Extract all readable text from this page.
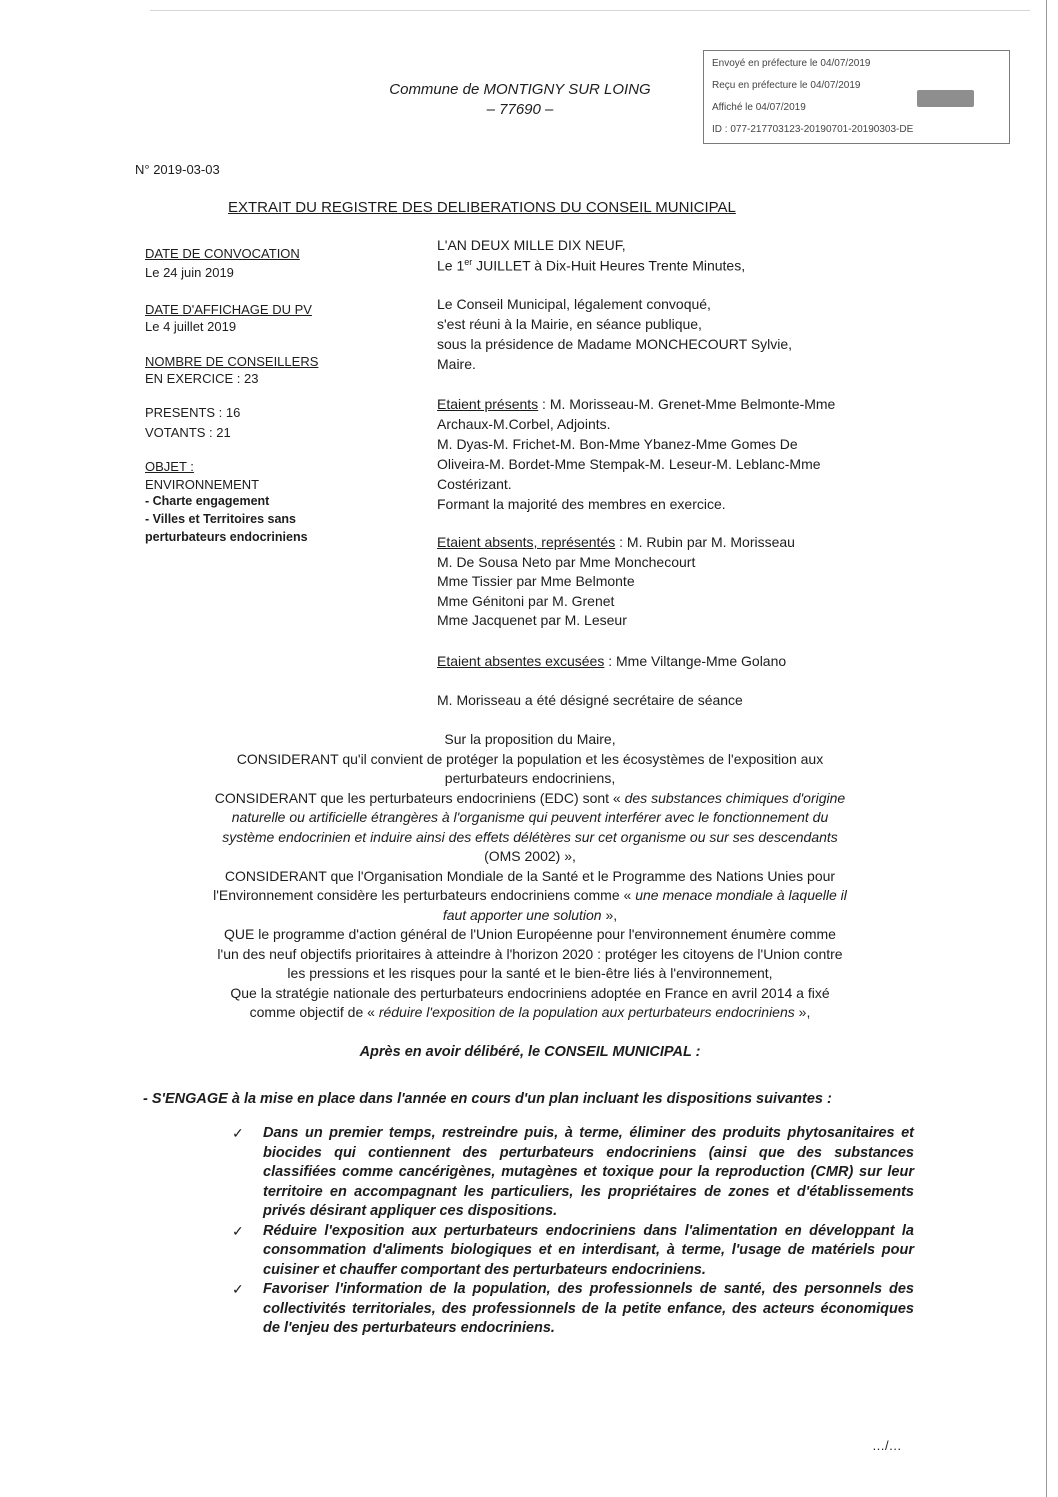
Commune de MONTIGNY SUR LOING
– 77690 –
Envoyé en préfecture le 04/07/2019
Reçu en préfecture le 04/07/2019
Affiché le 04/07/2019
ID : 077-217703123-20190701-20190303-DE
N° 2019-03-03
EXTRAIT DU REGISTRE DES DELIBERATIONS DU CONSEIL MUNICIPAL
DATE DE CONVOCATION
Le 24 juin 2019
DATE D'AFFICHAGE DU PV
Le 4 juillet 2019
NOMBRE DE CONSEILLERS
EN EXERCICE : 23
PRESENTS : 16
VOTANTS : 21
OBJET :
ENVIRONNEMENT
- Charte engagement
- Villes et Territoires sans
perturbateurs endocriniens
L'AN DEUX MILLE DIX NEUF,
Le 1er JUILLET à Dix-Huit Heures Trente Minutes,
Le Conseil Municipal, légalement convoqué,
s'est réuni à la Mairie, en séance publique,
sous la présidence de Madame MONCHECOURT Sylvie,
Maire.
Etaient présents : M. Morisseau-M. Grenet-Mme Belmonte-Mme
Archaux-M.Corbel, Adjoints.
M. Dyas-M. Frichet-M. Bon-Mme Ybanez-Mme Gomes De
Oliveira-M. Bordet-Mme Stempak-M. Leseur-M. Leblanc-Mme
Costérizant.
Formant la majorité des membres en exercice.
Etaient absents, représentés : M. Rubin par M. Morisseau
M. De Sousa Neto par Mme Monchecourt
Mme Tissier par Mme Belmonte
Mme Génitoni par M. Grenet
Mme Jacquenet par M. Leseur
Etaient absentes excusées : Mme Viltange-Mme Golano
M. Morisseau a été désigné secrétaire de séance

Sur la proposition du Maire,

CONSIDERANT qu'il convient de protéger la population et les écosystèmes de l'exposition aux

perturbateurs endocriniens,

CONSIDERANT que les perturbateurs endocriniens (EDC) sont « des substances chimiques d'origine

naturelle ou artificielle étrangères à l'organisme qui peuvent interférer avec le fonctionnement du

système endocrinien et induire ainsi des effets délétères sur cet organisme ou sur ses descendants

(OMS 2002) »,

CONSIDERANT que l'Organisation Mondiale de la Santé et le Programme des Nations Unies pour

l'Environnement considère les perturbateurs endocriniens comme « une menace mondiale à laquelle il

faut apporter une solution »,

QUE le programme d'action général de l'Union Européenne pour l'environnement énumère comme

l'un des neuf objectifs prioritaires à atteindre à l'horizon 2020 : protéger les citoyens de l'Union contre

les pressions et les risques pour la santé et le bien-être liés à l'environnement,

Que la stratégie nationale des perturbateurs endocriniens adoptée en France en avril 2014 a fixé

comme objectif de « réduire l'exposition de la population aux perturbateurs endocriniens »,

Après en avoir délibéré, le CONSEIL MUNICIPAL :
- S'ENGAGE à la mise en place dans l'année en cours d'un plan incluant les dispositions suivantes :
✓ Dans un premier temps, restreindre puis, à terme, éliminer des produits phytosanitaires et biocides qui contiennent des perturbateurs endocriniens (ainsi que des substances classifiées comme cancérigènes, mutagènes et toxique pour la reproduction (CMR) sur leur territoire en accompagnant les particuliers, les propriétaires de zones et d'établissements privés désirant appliquer ces dispositions.
✓ Réduire l'exposition aux perturbateurs endocriniens dans l'alimentation en développant la consommation d'aliments biologiques et en interdisant, à terme, l'usage de matériels pour cuisiner et chauffer comportant des perturbateurs endocriniens.
✓ Favoriser l'information de la population, des professionnels de santé, des personnels des collectivités territoriales, des professionnels de la petite enfance, des acteurs économiques de l'enjeu des perturbateurs endocriniens.
…/…
